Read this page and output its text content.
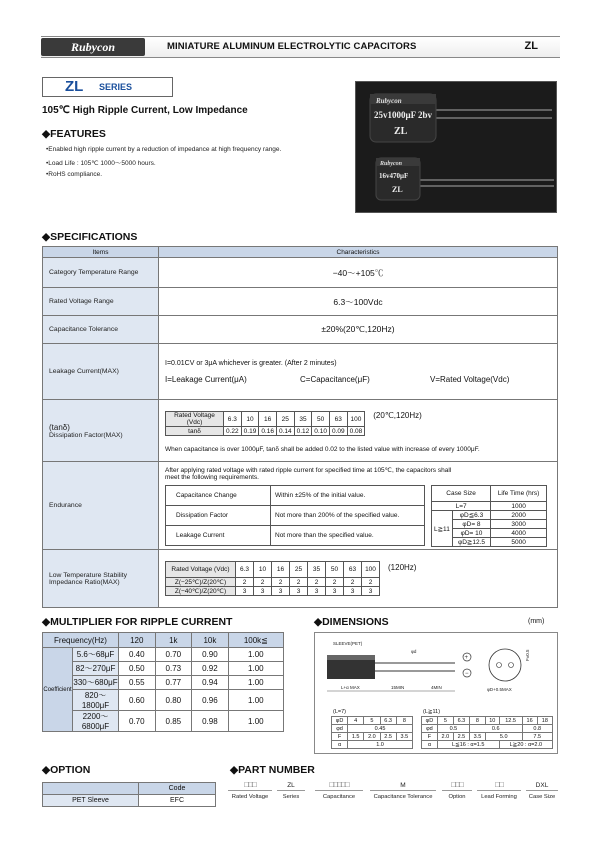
Rubycon	MINIATURE ALUMINUM ELECTROLYTIC CAPACITORS	ZL
ZL SERIES
105℃ High Ripple Current, Low Impedance
◆FEATURES
•Enabled high ripple current by a reduction of impedance at high frequency range.
•Load Life : 105℃ 1000〜5000 hours.
•RoHS compliance.
Rubycon
25v1000μF 2bv
ZL
Rubycon
16v470μF
ZL
◆SPECIFICATIONS
Items	Characteristics
Category Temperature Range	−40〜+105℃
Rated Voltage Range	6.3〜100Vdc
Capacitance Tolerance	±20%(20℃,120Hz)
Leakage Current(MAX)	
I=0.01CV or 3μA whichever is greater. (After 2 minutes)
I=Leakage Current(μA)	C=Capacitance(μF)	V=Rated Voltage(Vdc)

(tanδ)
Dissipation Factor(MAX)

Rated Voltage (Vdc)	6.3	10	16	25	35	50	63	100
tanδ	0.22	0.19	0.16	0.14	0.12	0.10	0.09	0.08
(20℃,120Hz)
When capacitance is over 1000μF, tanδ shall be added 0.02 to the listed value with increase of every 1000μF.

Endurance	
After applying rated voltage with rated ripple current for specified time at 105℃, the capacitors shall meet the following requirements.
Capacitance Change	Within ±25% of the initial value.
Dissipation Factor	Not more than 200% of the specified value.
Leakage Current	Not more than the specified value.
Case Size	Life Time (hrs)
L=7	1000
L≧11	φD≦6.3	2000
φD= 8	3000
φD= 10	4000
φD≧12.5	5000

Low Temperature Stability Impedance Ratio(MAX)	
Rated Voltage (Vdc)	6.3	10	16	25	35	50	63	100
Z(−25℃)/Z(20℃)	2	2	2	2	2	2	2	2
Z(−40℃)/Z(20℃)	3	3	3	3	3	3	3	3
(120Hz)
◆MULTIPLIER FOR RIPPLE CURRENT
Frequency(Hz)		120	1k	10k	100k≦
Coefficient	5.6〜68μF	0.40	0.70	0.90	1.00
	82〜270μF	0.50	0.73	0.92	1.00
	330〜680μF	0.55	0.77	0.94	1.00
	820〜1800μF	0.60	0.80	0.96	1.00
	2200〜6800μF	0.70	0.85	0.98	1.00
◆DIMENSIONS	(mm)
L+α MAX	15MIN	4MIN
SLEEVE(PET)
φd
+
−
φD+0.5MAX
F±0.5
(L=7)
φD	4	5	6.3	8
φd	0.45			
F	1.5	2.0	2.5	3.5
α	1.0			
(L≧11)
φD	5	6.3	8	10	12.5	16	18
φd	0.5		0.6			0.8	
F	2.0	2.5	3.5	5.0		7.5	
α	L≦16 : α=1.5				L≧20 : α=2.0		
◆OPTION
	Code
PET Sleeve	EFC
◆PART NUMBER
□□□
Rated Voltage
ZL
Series
□□□□□
Capacitance
M
Capacitance Tolerance
□□□
Option
□□
Lead Forming
DXL
Case Size
